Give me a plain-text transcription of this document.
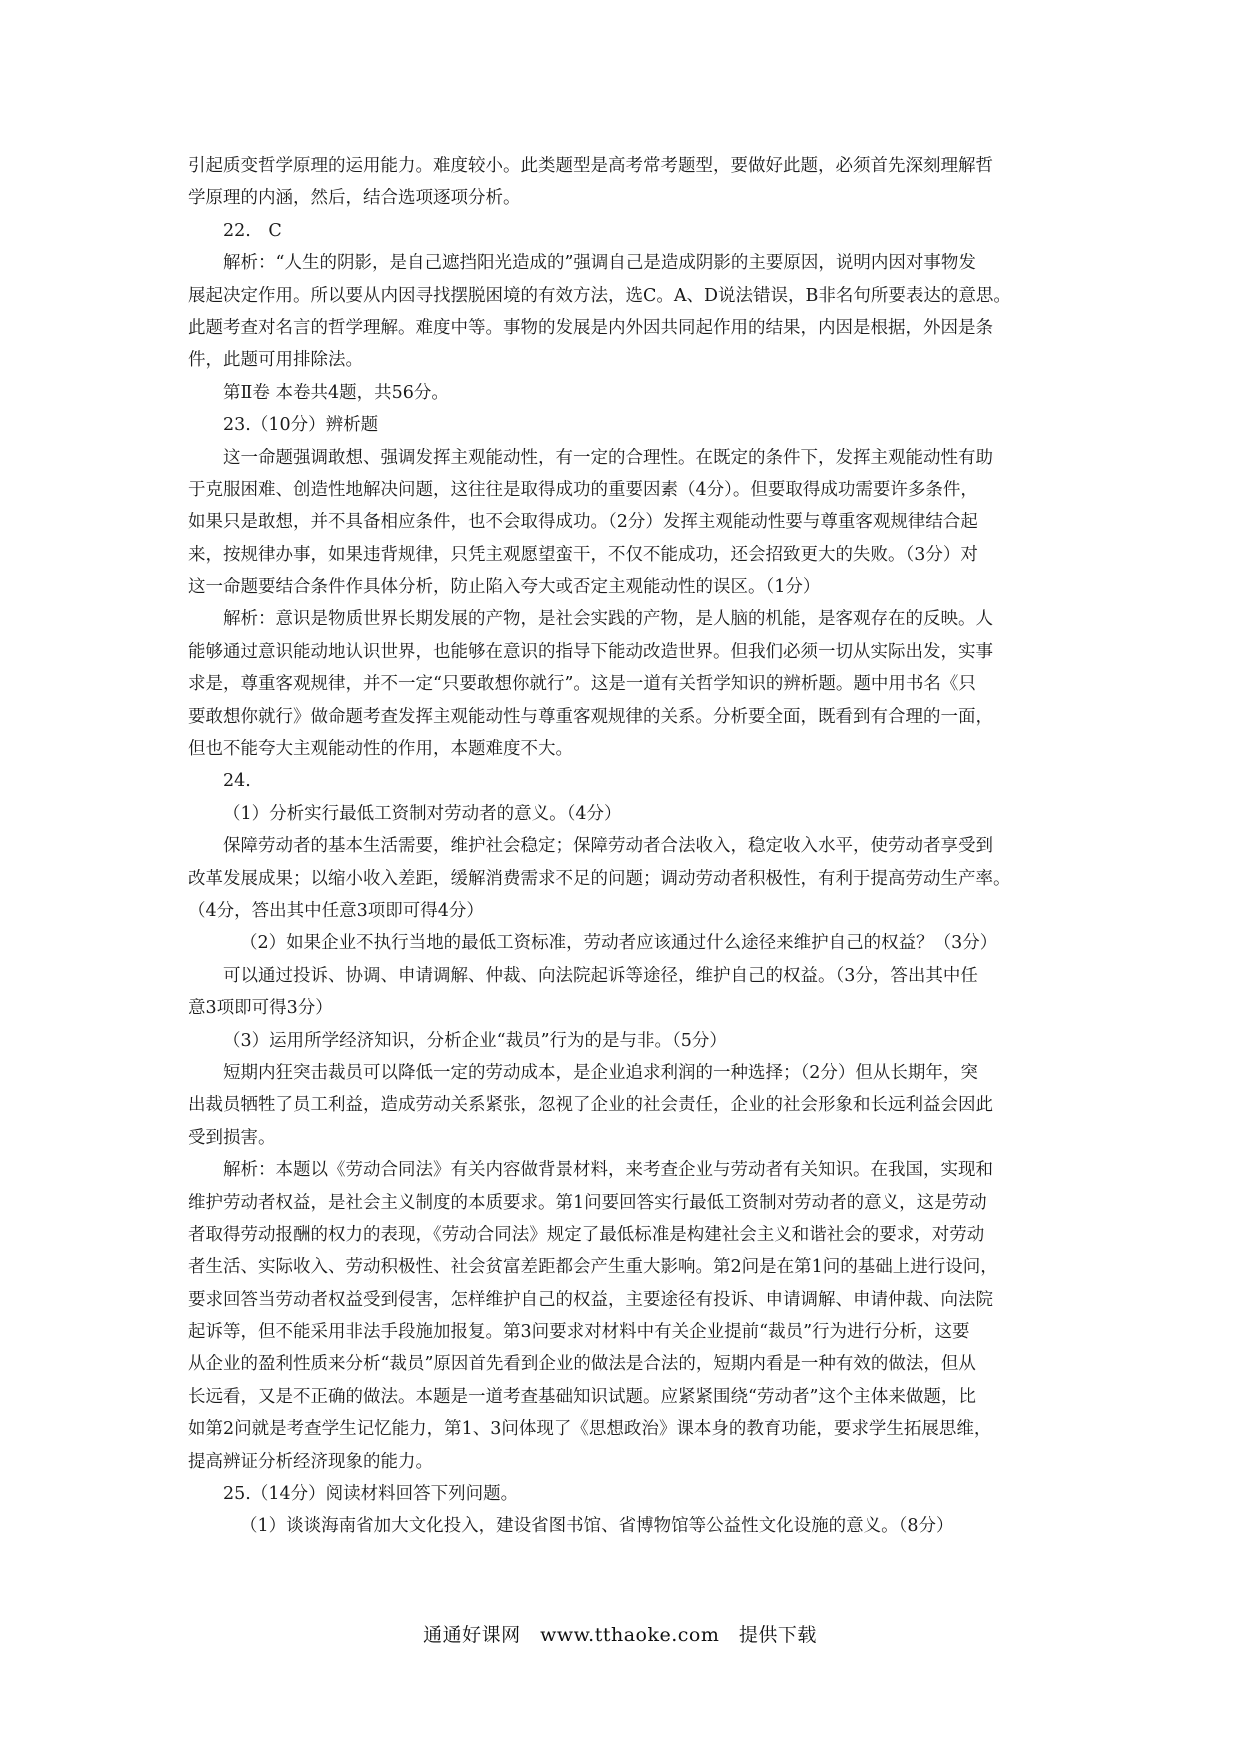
引起质变哲学原理的运用能力。难度较小。此类题型是高考常考题型，要做好此题，必须首先深刻理解哲
学原理的内涵，然后，结合选项逐项分析。
22.　C
解析：“人生的阴影，是自己遮挡阳光造成的”强调自己是造成阴影的主要原因，说明内因对事物发
展起决定作用。所以要从内因寻找摆脱困境的有效方法，选C。A、D说法错误，B非名句所要表达的意思。
此题考查对名言的哲学理解。难度中等。事物的发展是内外因共同起作用的结果，内因是根据，外因是条
件，此题可用排除法。
第Ⅱ卷 本卷共4题，共56分。
23.（10分）辨析题
这一命题强调敢想、强调发挥主观能动性，有一定的合理性。在既定的条件下，发挥主观能动性有助
于克服困难、创造性地解决问题，这往往是取得成功的重要因素（4分）。但要取得成功需要许多条件，
如果只是敢想，并不具备相应条件，也不会取得成功。（2分）发挥主观能动性要与尊重客观规律结合起
来，按规律办事，如果违背规律，只凭主观愿望蛮干，不仅不能成功，还会招致更大的失败。（3分）对
这一命题要结合条件作具体分析，防止陷入夸大或否定主观能动性的误区。（1分）
解析：意识是物质世界长期发展的产物，是社会实践的产物，是人脑的机能，是客观存在的反映。人
能够通过意识能动地认识世界，也能够在意识的指导下能动改造世界。但我们必须一切从实际出发，实事
求是，尊重客观规律，并不一定“只要敢想你就行”。这是一道有关哲学知识的辨析题。题中用书名《只
要敢想你就行》做命题考查发挥主观能动性与尊重客观规律的关系。分析要全面，既看到有合理的一面，
但也不能夸大主观能动性的作用，本题难度不大。
24.
（1）分析实行最低工资制对劳动者的意义。（4分）
保障劳动者的基本生活需要，维护社会稳定；保障劳动者合法收入，稳定收入水平，使劳动者享受到
改革发展成果；以缩小收入差距，缓解消费需求不足的问题；调动劳动者积极性，有利于提高劳动生产率。
（4分，答出其中任意3项即可得4分）
（2）如果企业不执行当地的最低工资标准，劳动者应该通过什么途径来维护自己的权益？（3分）
可以通过投诉、协调、申请调解、仲裁、向法院起诉等途径，维护自己的权益。（3分，答出其中任
意3项即可得3分）
（3）运用所学经济知识，分析企业“裁员”行为的是与非。（5分）
短期内狂突击裁员可以降低一定的劳动成本，是企业追求利润的一种选择；（2分）但从长期年，突
出裁员牺牲了员工利益，造成劳动关系紧张，忽视了企业的社会责任，企业的社会形象和长远利益会因此
受到损害。
解析：本题以《劳动合同法》有关内容做背景材料，来考查企业与劳动者有关知识。在我国，实现和
维护劳动者权益，是社会主义制度的本质要求。第1问要回答实行最低工资制对劳动者的意义，这是劳动
者取得劳动报酬的权力的表现，《劳动合同法》规定了最低标准是构建社会主义和谐社会的要求，对劳动
者生活、实际收入、劳动积极性、社会贫富差距都会产生重大影响。第2问是在第1问的基础上进行设问，
要求回答当劳动者权益受到侵害，怎样维护自己的权益，主要途径有投诉、申请调解、申请仲裁、向法院
起诉等，但不能采用非法手段施加报复。第3问要求对材料中有关企业提前“裁员”行为进行分析，这要
从企业的盈利性质来分析“裁员”原因首先看到企业的做法是合法的，短期内看是一种有效的做法，但从
长远看，又是不正确的做法。本题是一道考查基础知识试题。应紧紧围绕“劳动者”这个主体来做题，比
如第2问就是考查学生记忆能力，第1、3问体现了《思想政治》课本身的教育功能，要求学生拓展思维，
提高辨证分析经济现象的能力。
25.（14分）阅读材料回答下列问题。
（1）谈谈海南省加大文化投入，建设省图书馆、省博物馆等公益性文化设施的意义。（8分）
通通好课网　www.tthaoke.com　提供下载
